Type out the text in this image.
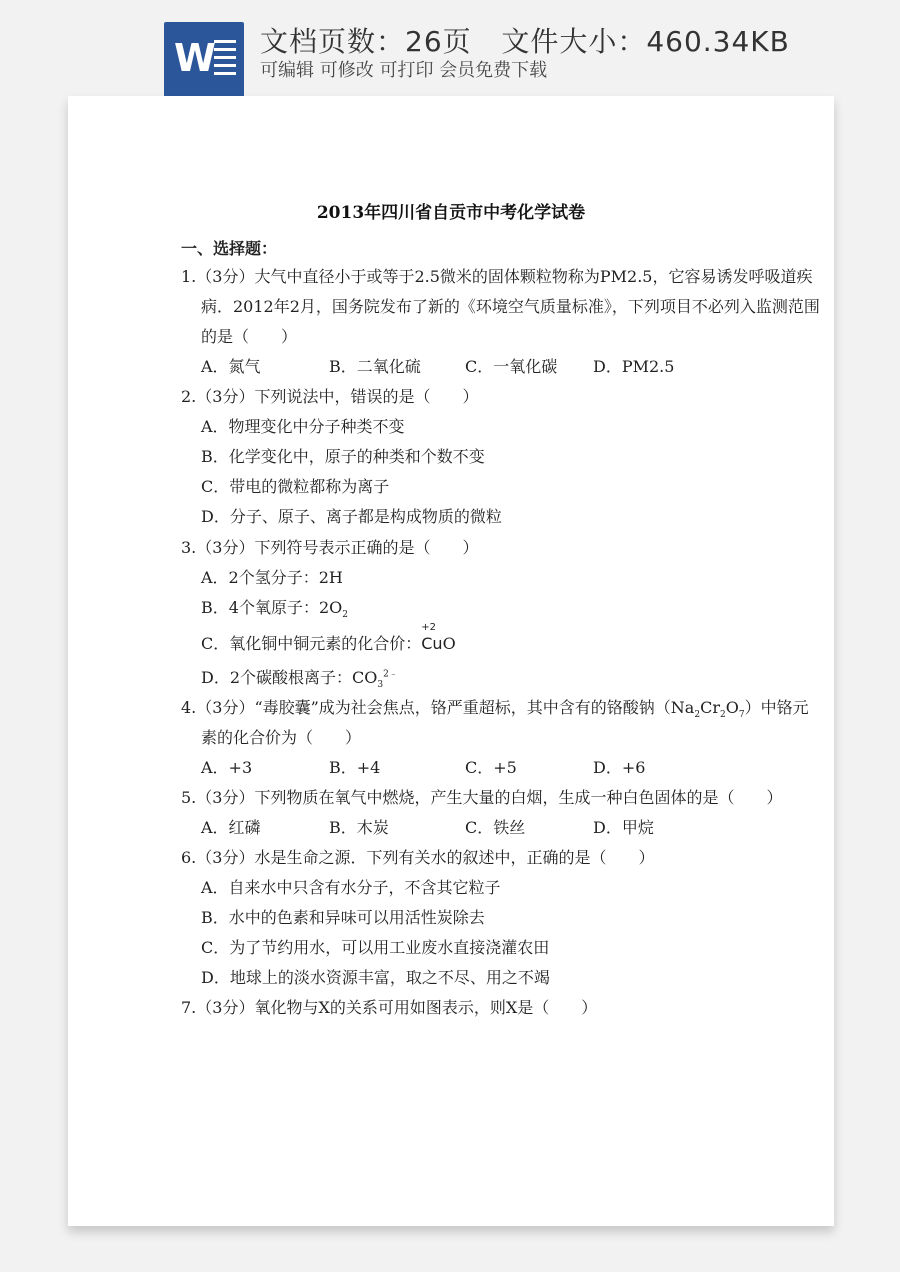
W 文档页数：26页   文件大小：460.34KB
可编辑 可修改 可打印 会员免费下载
2013年四川省自贡市中考化学试卷
一、选择题：
1.（3分）大气中直径小于或等于2.5微米的固体颗粒物称为PM2.5，它容易诱发呼吸道疾
病．2012年2月，国务院发布了新的《环境空气质量标准》，下列项目不必列入监测范围
的是（　　）
A．氮气	B．二氧化硫	C．一氧化碳 D．PM2.5
2.（3分）下列说法中，错误的是（　　）
A．物理变化中分子种类不变
B．化学变化中，原子的种类和个数不变
C．带电的微粒都称为离子
D．分子、原子、离子都是构成物质的微粒
3.（3分）下列符号表示正确的是（　　）
A．2个氢分子：2H
B．4个氧原子：$2O_2$
C．氧化铜中铜元素的化合价：
+2
CuO
D．2个碳酸根离子：$CO_3^{2﹣}$
4.（3分）“毒胶囊”成为社会焦点，铬严重超标，其中含有的铬酸钠$(Na_2Cr_2O_7)$中铬元
素的化合价为（　　）
A．+3	B．+4	C．+5	D．+6
5.（3分）下列物质在氧气中燃烧，产生大量的白烟，生成一种白色固体的是（　　）
A．红磷	B．木炭	C．铁丝	D．甲烷
6.（3分）水是生命之源．下列有关水的叙述中，正确的是（　　）
A．自来水中只含有水分子，不含其它粒子
B．水中的色素和异味可以用活性炭除去
C．为了节约用水，可以用工业废水直接浇灌农田
D．地球上的淡水资源丰富，取之不尽、用之不竭
7.（3分）氧化物与X的关系可用如图表示，则X是（　　）
